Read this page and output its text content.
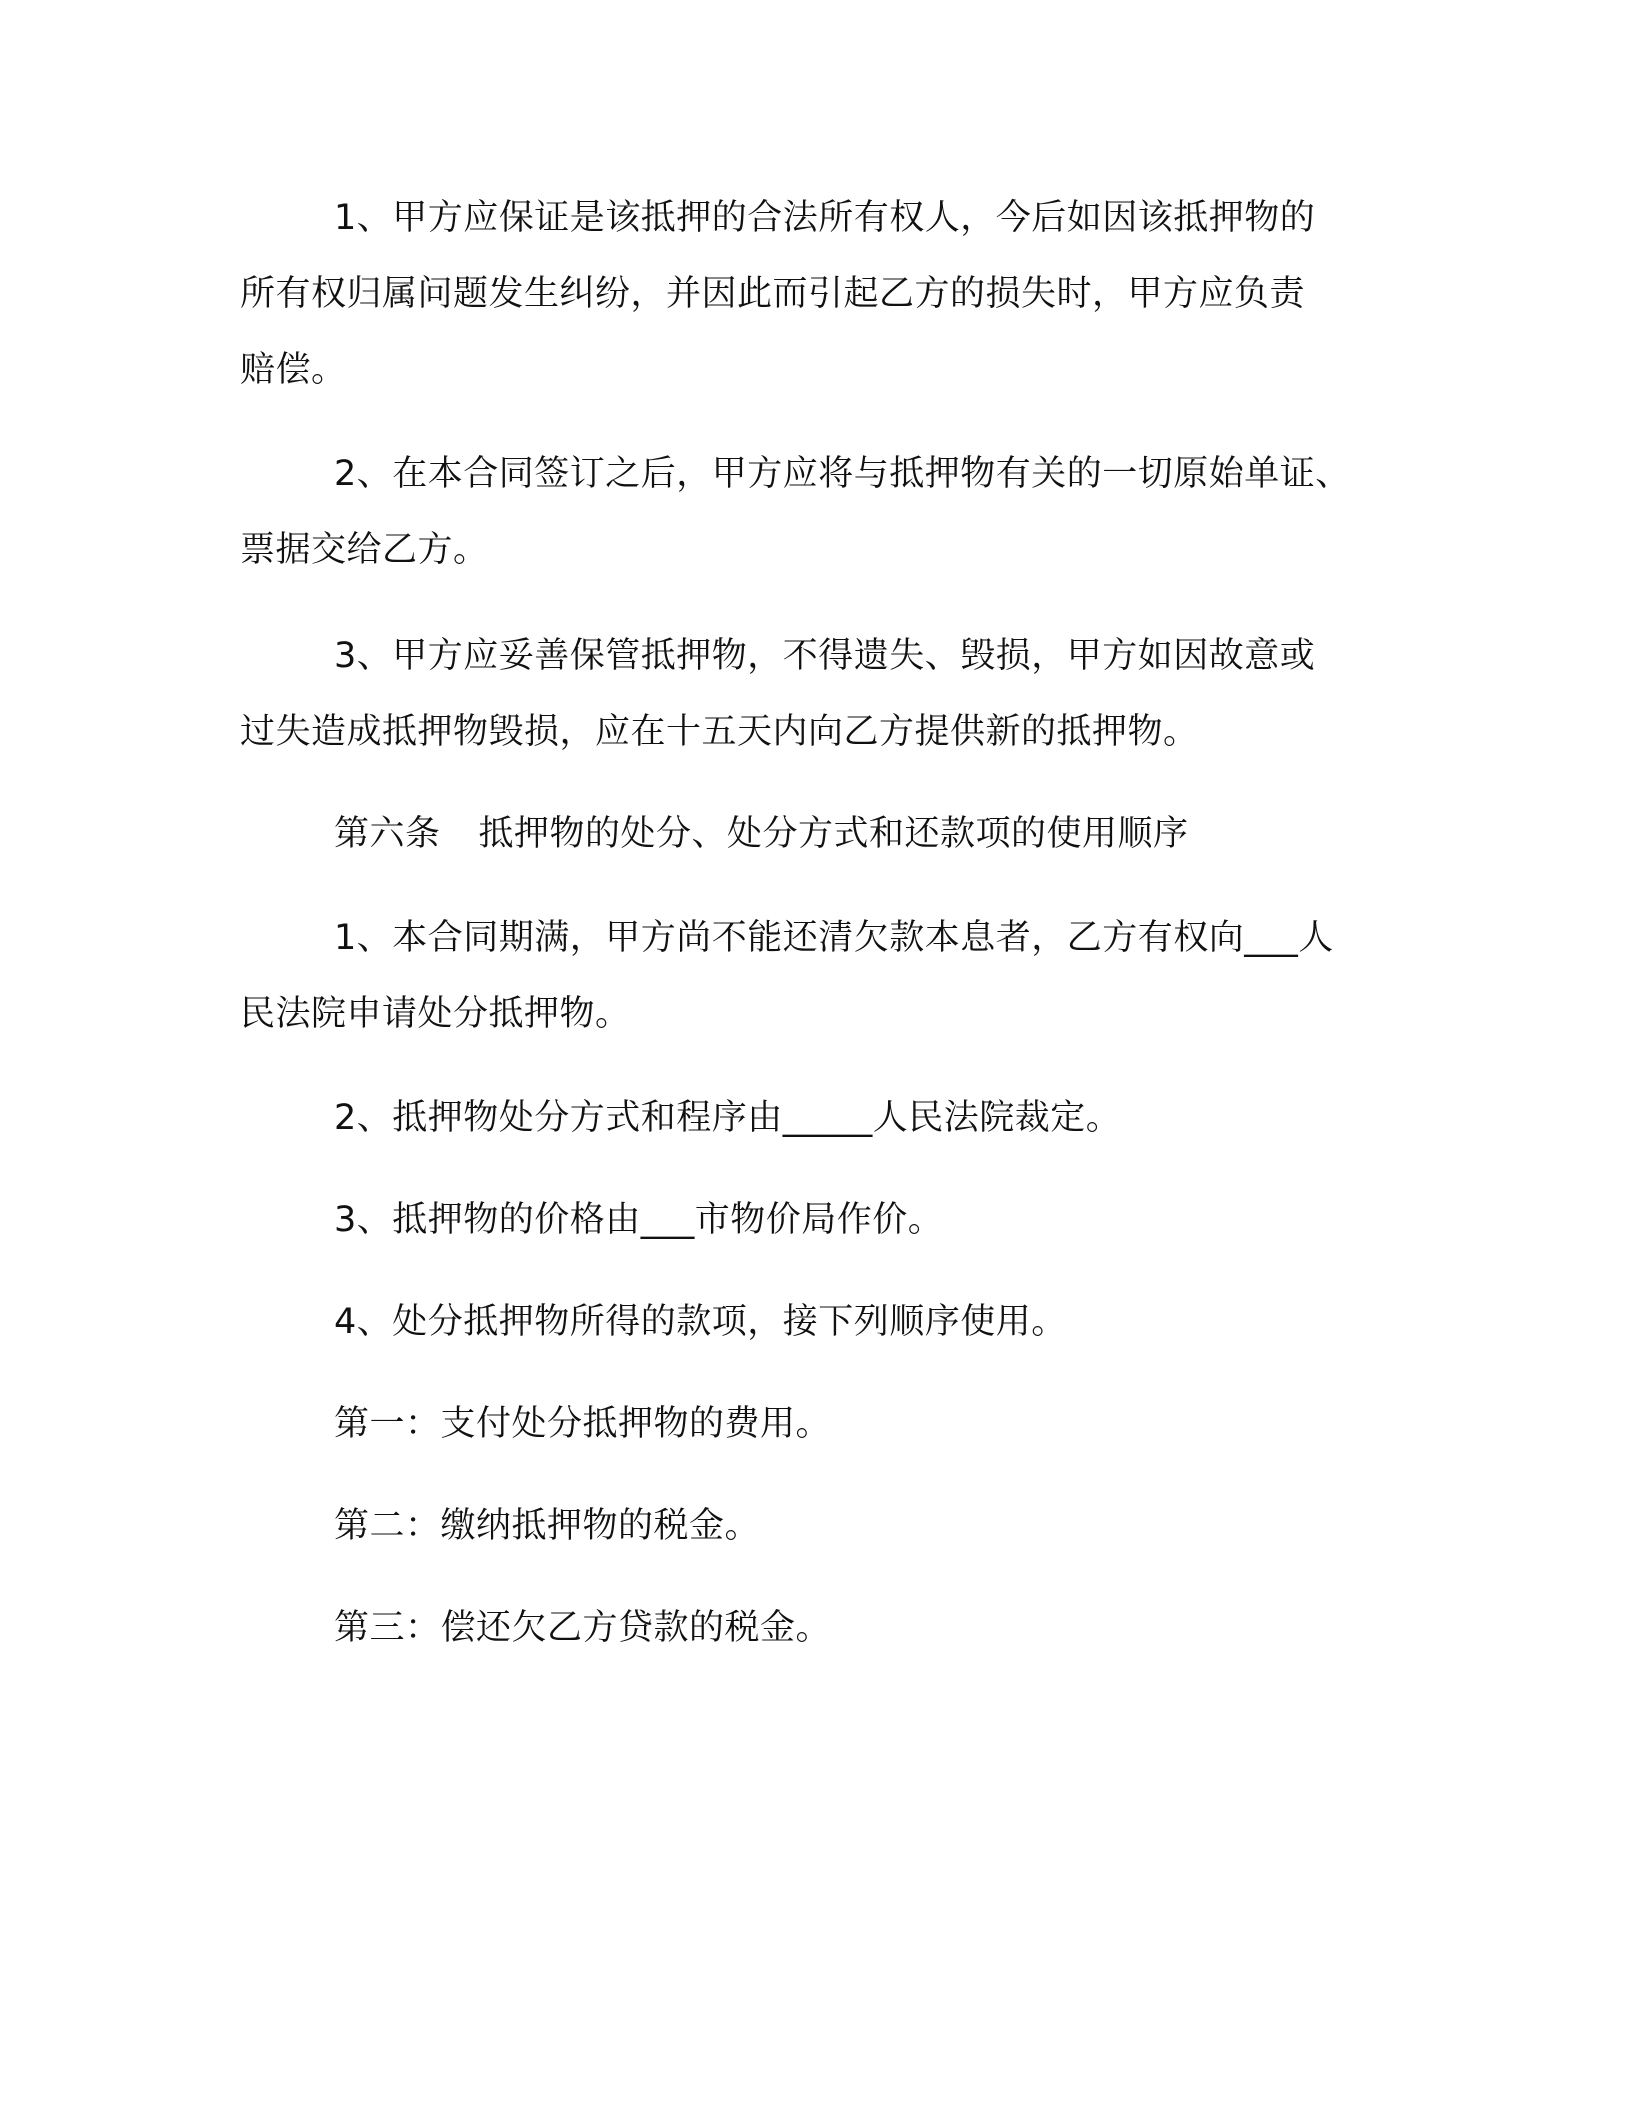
1、甲方应保证是该抵押的合法所有权人，今后如因该抵押物的
所有权归属问题发生纠纷，并因此而引起乙方的损失时，甲方应负责
赔偿。
2、在本合同签订之后，甲方应将与抵押物有关的一切原始单证、
票据交给乙方。
3、甲方应妥善保管抵押物，不得遗失、毁损，甲方如因故意或
过失造成抵押物毁损，应在十五天内向乙方提供新的抵押物。
第六条 抵押物的处分、处分方式和还款项的使用顺序
1、本合同期满，甲方尚不能还清欠款本息者，乙方有权向___人
民法院申请处分抵押物。
2、抵押物处分方式和程序由_____人民法院裁定。
3、抵押物的价格由___市物价局作价。
4、处分抵押物所得的款项，接下列顺序使用。
第一：支付处分抵押物的费用。
第二：缴纳抵押物的税金。
第三：偿还欠乙方贷款的税金。
